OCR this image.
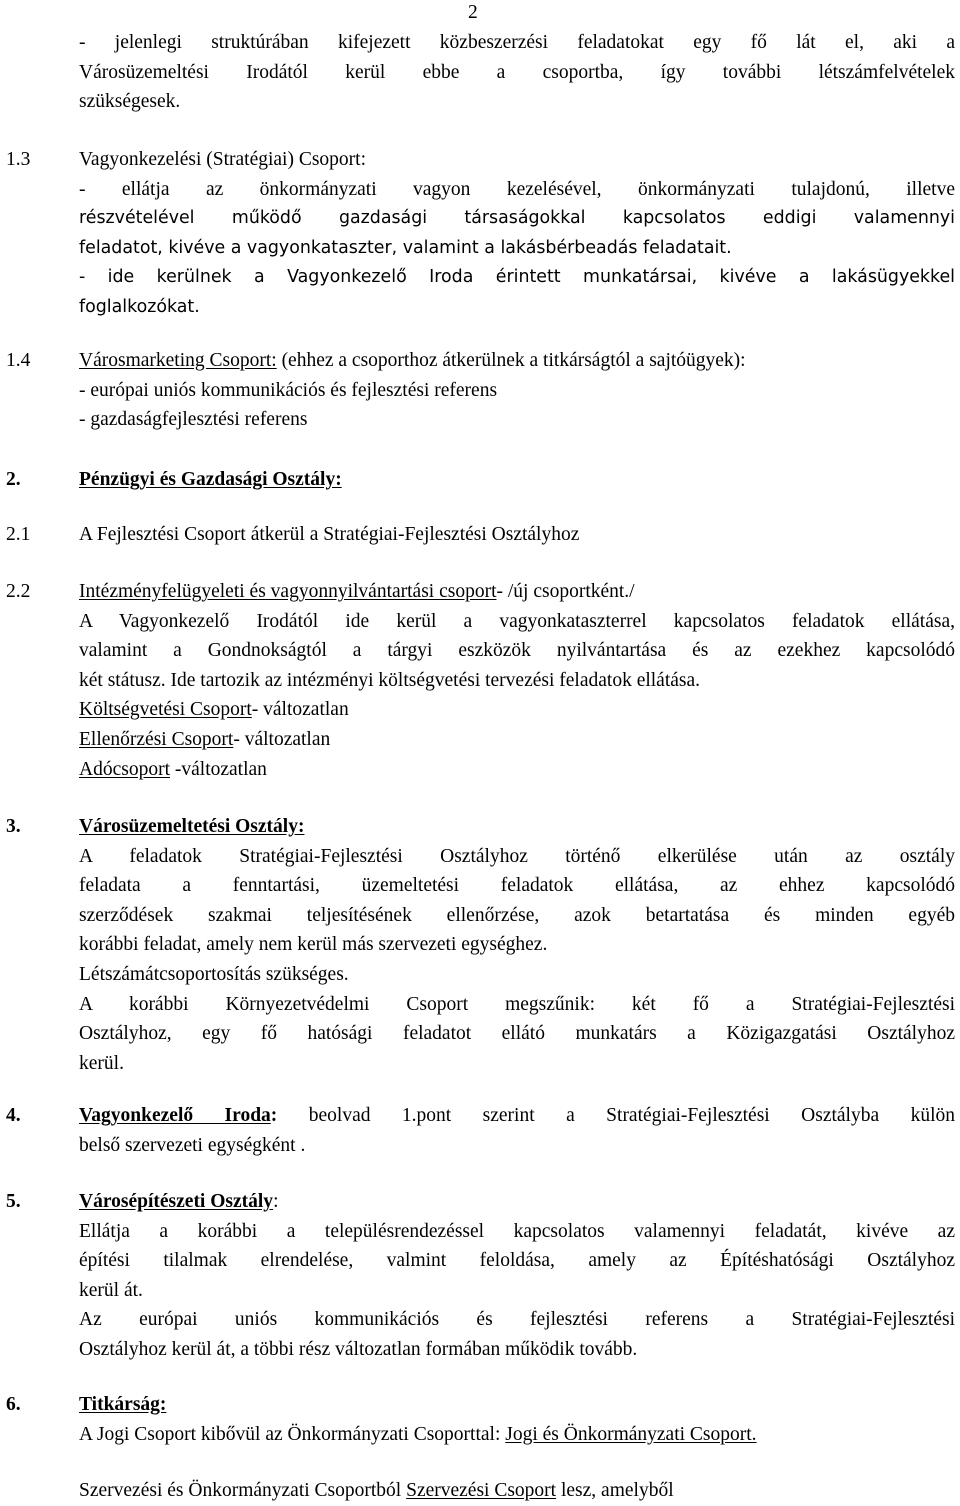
2
- jelenlegi struktúrában kifejezett közbeszerzési feladatokat egy fő lát el, aki a
Városüzemeltési Irodától kerül ebbe a csoportba, így további létszámfelvételek
szükségesek.
1.3 Vagyonkezelési (Stratégiai) Csoport:
- ellátja az önkormányzati vagyon kezelésével, önkormányzati tulajdonú, illetve
részvételével működő gazdasági társaságokkal kapcsolatos eddigi valamennyi
feladatot, kivéve a vagyonkataszter, valamint a lakásbérbeadás feladatait.
- ide kerülnek a Vagyonkezelő Iroda érintett munkatársai, kivéve a lakásügyekkel
foglalkozókat.
1.4 Városmarketing Csoport: (ehhez a csoporthoz átkerülnek a titkárságtól a sajtóügyek):
- európai uniós kommunikációs és fejlesztési referens
- gazdaságfejlesztési referens
2.	Pénzügyi és Gazdasági Osztály:
2.1 A Fejlesztési Csoport átkerül a Stratégiai-Fejlesztési Osztályhoz
2.2 Intézményfelügyeleti és vagyonnyilvántartási csoport- /új csoportként./
A Vagyonkezelő Irodától ide kerül a vagyonkataszterrel kapcsolatos feladatok ellátása,
valamint a Gondnokságtól a tárgyi eszközök nyilvántartása és az ezekhez kapcsolódó
két státusz. Ide tartozik az intézményi költségvetési tervezési feladatok ellátása.
Költségvetési Csoport- változatlan
Ellenőrzési Csoport- változatlan
Adócsoport -változatlan
3.	Városüzemeltetési Osztály:
A feladatok Stratégiai-Fejlesztési Osztályhoz történő elkerülése után az osztály
feladata a fenntartási, üzemeltetési feladatok ellátása, az ehhez kapcsolódó
szerződések szakmai teljesítésének ellenőrzése, azok betartatása és minden egyéb
korábbi feladat, amely nem kerül más szervezeti egységhez.
Létszámátcsoportosítás szükséges.
A korábbi Környezetvédelmi Csoport megszűnik: két fő a Stratégiai-Fejlesztési
Osztályhoz, egy fő hatósági feladatot ellátó munkatárs a Közigazgatási Osztályhoz
kerül.
4.	Vagyonkezelő Iroda: beolvad 1.pont szerint a Stratégiai-Fejlesztési Osztályba külön
belső szervezeti egységként .
5.	Városépítészeti Osztály:
Ellátja a korábbi a településrendezéssel kapcsolatos valamennyi feladatát, kivéve az
építési tilalmak elrendelése, valmint feloldása, amely az Építéshatósági Osztályhoz
kerül át.
Az európai uniós kommunikációs és fejlesztési referens a Stratégiai-Fejlesztési
Osztályhoz kerül át, a többi rész változatlan formában működik tovább.
6.	Titkárság:
A Jogi Csoport kibővül az Önkormányzati Csoporttal: Jogi és Önkormányzati Csoport.
Szervezési és Önkormányzati Csoportból Szervezési Csoport lesz, amelyből
